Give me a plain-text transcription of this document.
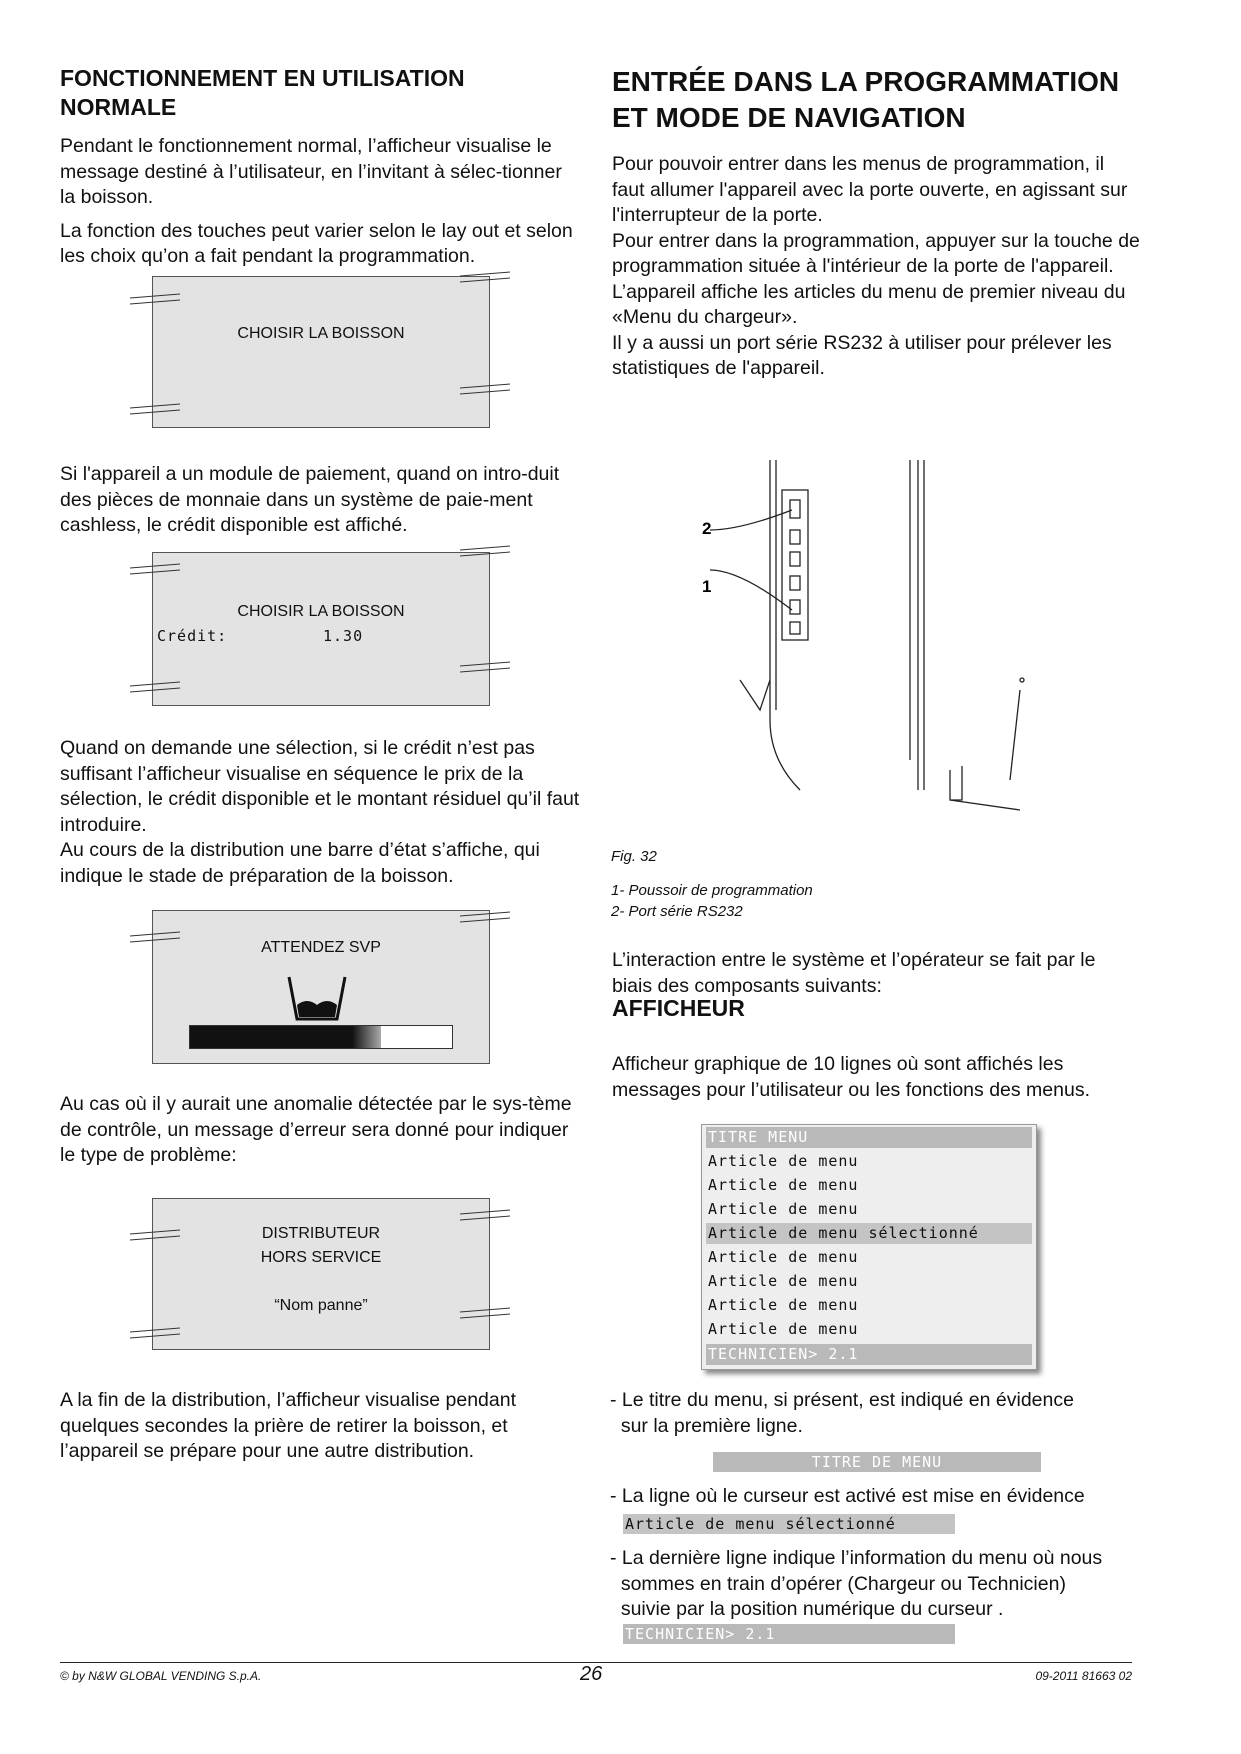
FONCTIONNEMENT EN UTILISATION NORMALE

Pendant le fonctionnement normal, l’afficheur visualise le message destiné à l’utilisateur, en l’invitant à sélec-tionner la boisson.

La fonction des touches peut varier selon le lay out et selon les choix qu’on a fait pendant la programmation.

CHOISIR LA BOISSON

Si l'appareil a un module de paiement, quand on intro-duit des pièces de monnaie dans un système de paie-ment cashless, le crédit disponible est affiché.

CHOISIR LA BOISSON
Crédit:	1.30

Quand on demande une sélection, si le crédit n’est pas suffisant l’afficheur visualise en séquence le prix de la sélection, le crédit disponible et le montant résiduel qu’il faut introduire.

Au cours de la distribution une barre d’état s’affiche, qui indique le stade de préparation de la boisson.

ATTENDEZ SVP

Au cas où il y aurait une anomalie détectée par le sys-tème de contrôle, un message d’erreur sera donné pour indiquer le type de problème:

DISTRIBUTEUR
HORS SERVICE
“Nom panne”

A la fin de la distribution, l’afficheur visualise pendant quelques secondes la prière de retirer la boisson, et l’appareil se prépare pour une autre distribution.

ENTRÉE DANS LA PROGRAMMATION ET MODE DE NAVIGATION

Pour pouvoir entrer dans les menus de programmation, il faut allumer l'appareil avec la porte ouverte, en agissant sur l'interrupteur de la porte.

Pour entrer dans la programmation, appuyer sur la touche de programmation située à l'intérieur de la porte de l'appareil.

L’appareil affiche les articles du menu de premier niveau du «Menu du chargeur».

Il y a aussi un port série RS232 à utiliser pour prélever les statistiques de l'appareil.

2
1
Fig. 32
1- Poussoir de programmation
2- Port série RS232

L’interaction entre le système et l’opérateur se fait par le biais des composants suivants:

AFFICHEUR

Afficheur graphique de 10 lignes où sont affichés les messages pour l’utilisateur ou les fonctions des menus.

TITRE MENU
Article de menu
Article de menu
Article de menu
Article de menu sélectionné
Article de menu
Article de menu
Article de menu
Article de menu
TECHNICIEN> 2.1
- Le titre du menu, si présent, est indiqué en évidence
sur la première ligne.
TITRE DE MENU
- La ligne où le curseur est activé est mise en évidence
Article de menu sélectionné
- La dernière ligne indique l’information du menu où nous
sommes en train d’opérer (Chargeur ou Technicien)
suivie par la position numérique du curseur .
TECHNICIEN> 2.1
© by N&W GLOBAL VENDING S.p.A.	26	09-2011 81663 02
